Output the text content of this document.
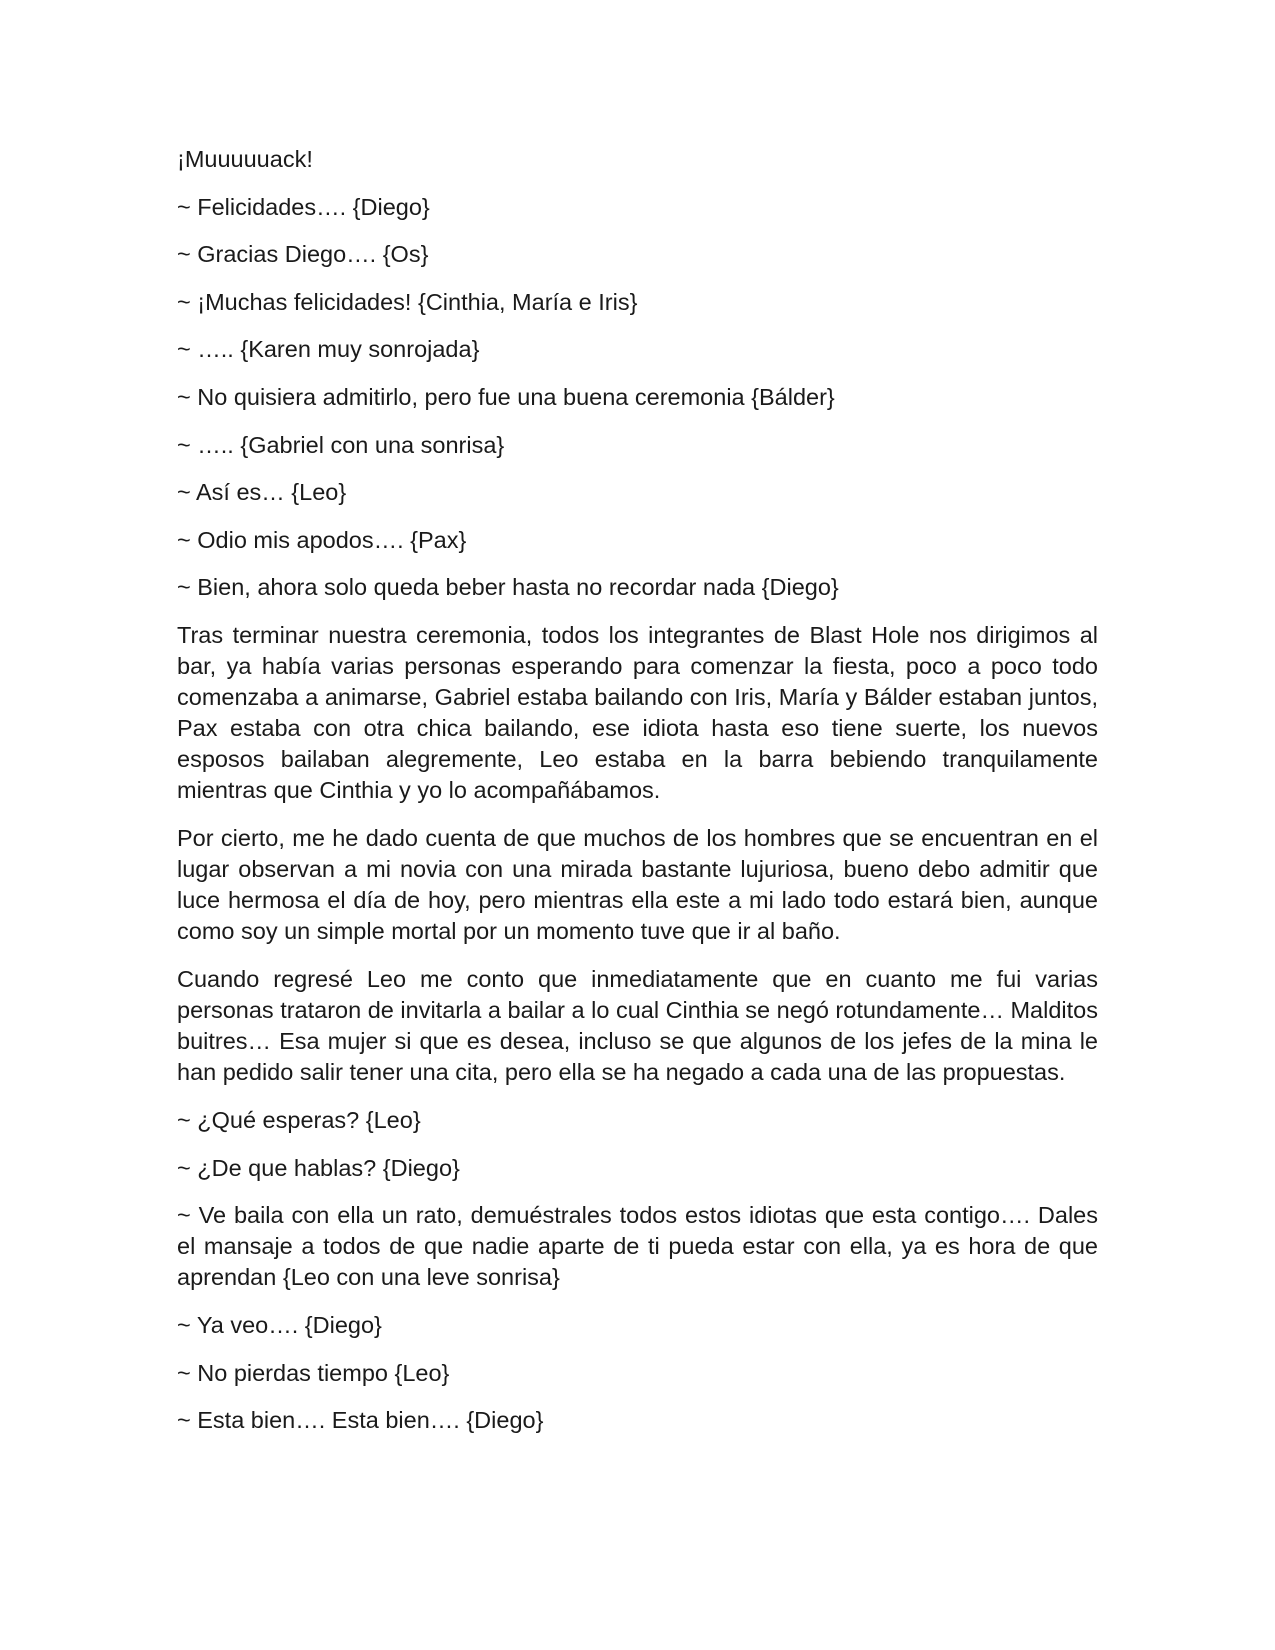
¡Muuuuuack!

~ Felicidades…. {Diego}

~ Gracias Diego…. {Os}

~ ¡Muchas felicidades! {Cinthia, María e Iris}

~ ….. {Karen muy sonrojada}

~ No quisiera admitirlo, pero fue una buena ceremonia {Bálder}

~ ….. {Gabriel con una sonrisa}

~ Así es… {Leo}

~ Odio mis apodos…. {Pax}

~ Bien, ahora solo queda beber hasta no recordar nada {Diego}

Tras terminar nuestra ceremonia, todos los integrantes de Blast Hole nos dirigimos al bar, ya había varias personas esperando para comenzar la fiesta, poco a poco todo comenzaba a animarse, Gabriel estaba bailando con Iris, María y Bálder estaban juntos, Pax estaba con otra chica bailando, ese idiota hasta eso tiene suerte, los nuevos esposos bailaban alegremente, Leo estaba en la barra bebiendo tranquilamente mientras que Cinthia y yo lo acompañábamos.

Por cierto, me he dado cuenta de que muchos de los hombres que se encuentran en el lugar observan a mi novia con una mirada bastante lujuriosa, bueno debo admitir que luce hermosa el día de hoy, pero mientras ella este a mi lado todo estará bien, aunque como soy un simple mortal por un momento tuve que ir al baño.

Cuando regresé Leo me conto que inmediatamente que en cuanto me fui varias personas trataron de invitarla a bailar a lo cual Cinthia se negó rotundamente… Malditos buitres… Esa mujer si que es desea, incluso se que algunos de los jefes de la mina le han pedido salir tener una cita, pero ella se ha negado a cada una de las propuestas.

~ ¿Qué esperas? {Leo}

~ ¿De que hablas? {Diego}

~ Ve baila con ella un rato, demuéstrales todos estos idiotas que esta contigo…. Dales el mansaje a todos de que nadie aparte de ti pueda estar con ella, ya es hora de que aprendan {Leo con una leve sonrisa}

~ Ya veo…. {Diego}

~ No pierdas tiempo {Leo}

~ Esta bien…. Esta bien…. {Diego}
